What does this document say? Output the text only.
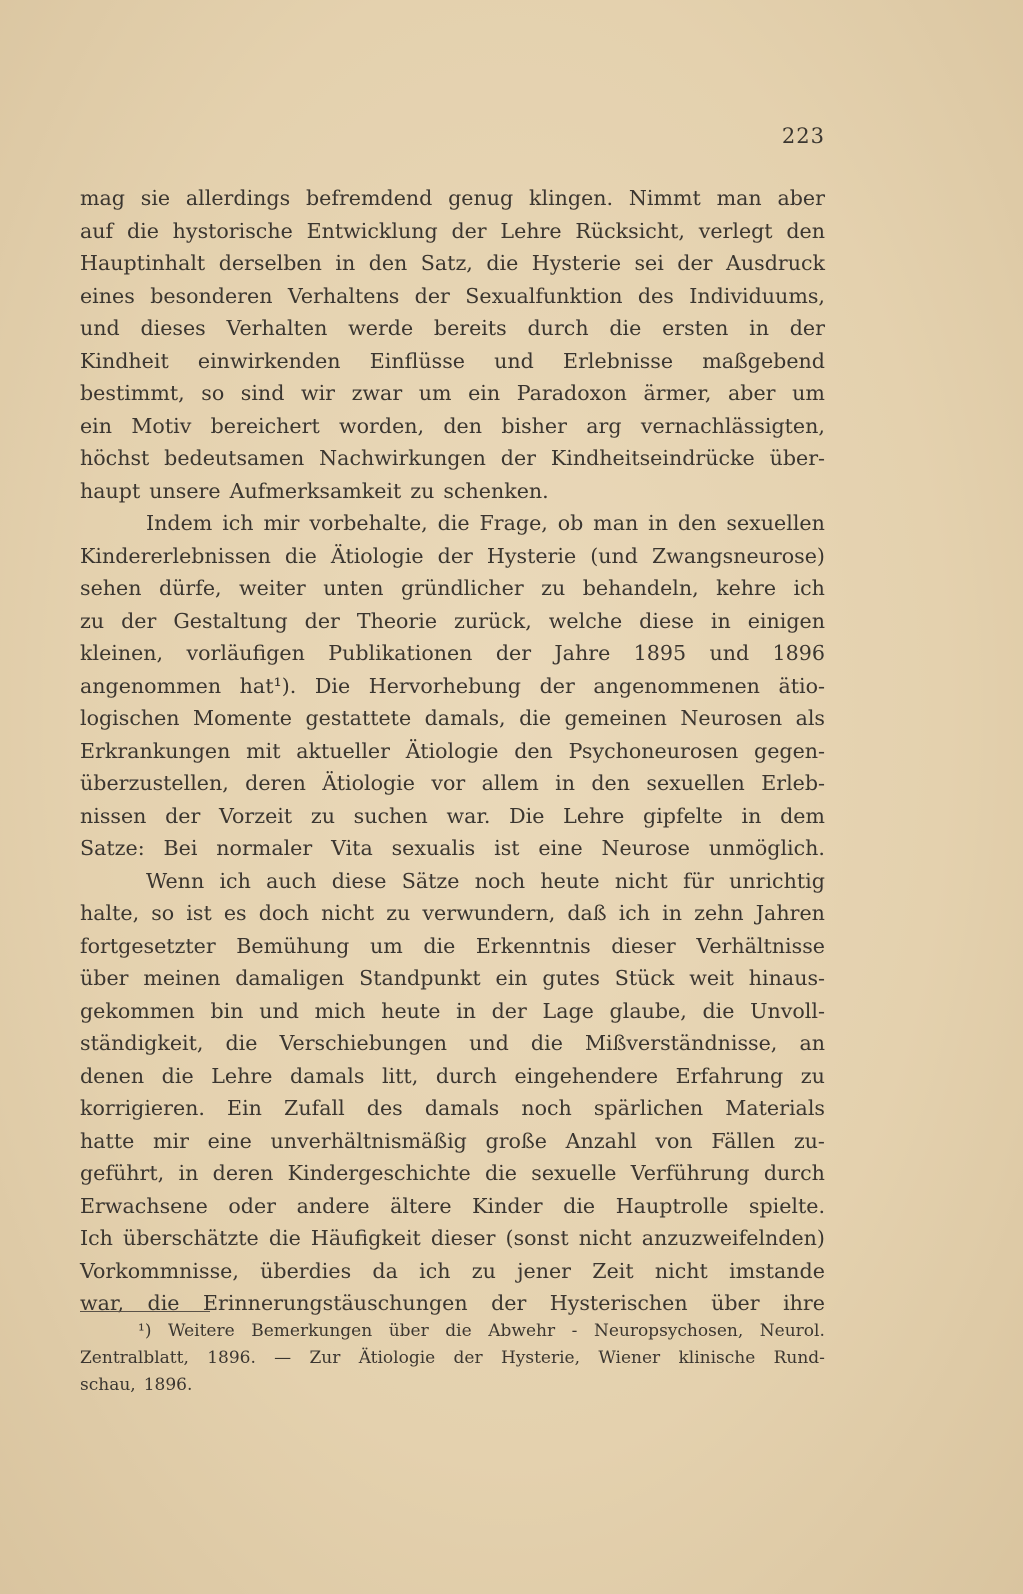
223
mag sie allerdings befremdend genug klingen. Nimmt man aber
auf die hystorische Entwicklung der Lehre Rücksicht, verlegt den
Hauptinhalt derselben in den Satz, die Hysterie sei der Ausdruck
eines besonderen Verhaltens der Sexualfunktion des Individuums,
und dieses Verhalten werde bereits durch die ersten in der
Kindheit einwirkenden Einflüsse und Erlebnisse maßgebend
bestimmt, so sind wir zwar um ein Paradoxon ärmer, aber um
ein Motiv bereichert worden, den bisher arg vernachlässigten,
höchst bedeutsamen Nachwirkungen der Kindheitseindrücke über-
haupt unsere Aufmerksamkeit zu schenken.
Indem ich mir vorbehalte, die Frage, ob man in den sexuellen
Kindererlebnissen die Ätiologie der Hysterie (und Zwangsneurose)
sehen dürfe, weiter unten gründlicher zu behandeln, kehre ich
zu der Gestaltung der Theorie zurück, welche diese in einigen
kleinen, vorläufigen Publikationen der Jahre 1895 und 1896
angenommen hat¹). Die Hervorhebung der angenommenen ätio-
logischen Momente gestattete damals, die gemeinen Neurosen als
Erkrankungen mit aktueller Ätiologie den Psychoneurosen gegen-
überzustellen, deren Ätiologie vor allem in den sexuellen Erleb-
nissen der Vorzeit zu suchen war. Die Lehre gipfelte in dem
Satze: Bei normaler Vita sexualis ist eine Neurose unmöglich.
Wenn ich auch diese Sätze noch heute nicht für unrichtig
halte, so ist es doch nicht zu verwundern, daß ich in zehn Jahren
fortgesetzter Bemühung um die Erkenntnis dieser Verhältnisse
über meinen damaligen Standpunkt ein gutes Stück weit hinaus-
gekommen bin und mich heute in der Lage glaube, die Unvoll-
ständigkeit, die Verschiebungen und die Mißverständnisse, an
denen die Lehre damals litt, durch eingehendere Erfahrung zu
korrigieren. Ein Zufall des damals noch spärlichen Materials
hatte mir eine unverhältnismäßig große Anzahl von Fällen zu-
geführt, in deren Kindergeschichte die sexuelle Verführung durch
Erwachsene oder andere ältere Kinder die Hauptrolle spielte.
Ich überschätzte die Häufigkeit dieser (sonst nicht anzuzweifelnden)
Vorkommnisse, überdies da ich zu jener Zeit nicht imstande
war, die Erinnerungstäuschungen der Hysterischen über ihre
¹) Weitere Bemerkungen über die Abwehr - Neuropsychosen, Neurol.
Zentralblatt, 1896. — Zur Ätiologie der Hysterie, Wiener klinische Rund-
schau, 1896.
